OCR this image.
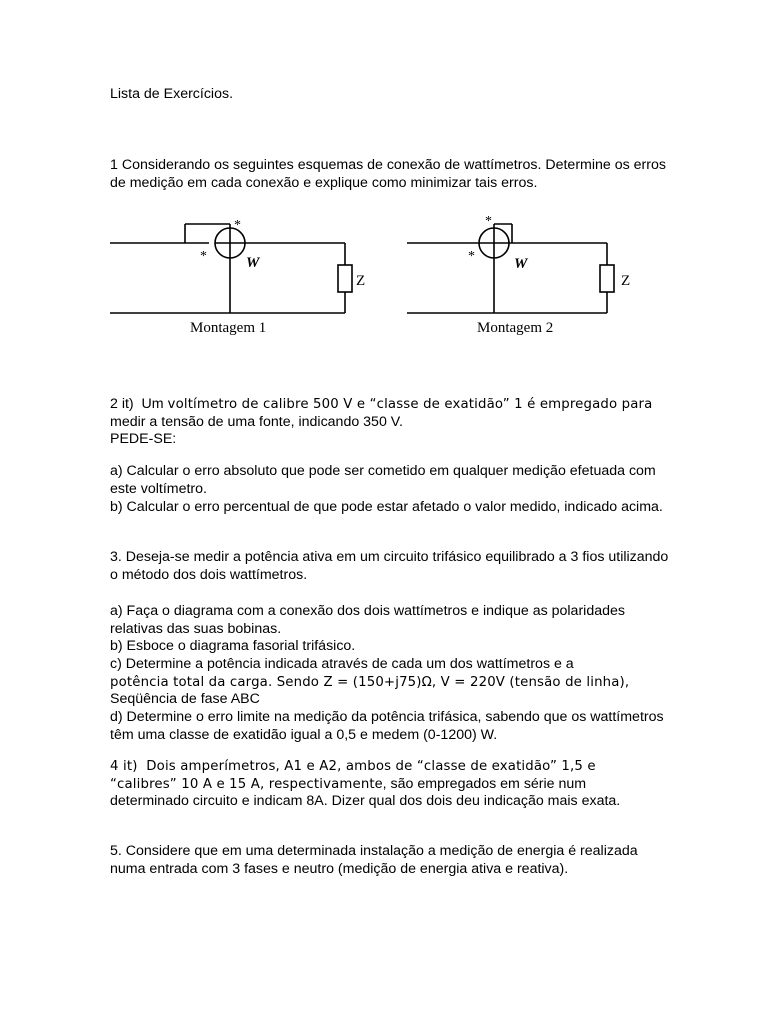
Lista de Exercícios.
1 Considerando os seguintes esquemas de conexão de wattímetros. Determine os erros de medição em cada conexão e explique como minimizar tais erros.
*
*	W
Z
Montagem 1
*
*	W
Z
Montagem 2
2 it)  Um voltímetro de calibre 500 V e “classe de exatidão” 1 é empregado para
medir a tensão de uma fonte, indicando 350 V.
PEDE-SE:
a) Calcular o erro absoluto que pode ser cometido em qualquer medição efetuada com este voltímetro.
b) Calcular o erro percentual de que pode estar afetado o valor medido, indicado acima.
3. Deseja-se medir a potência ativa em um circuito trifásico equilibrado a 3 fios utilizando o método dos dois wattímetros.
a) Faça o diagrama com a conexão dos dois wattímetros e indique as polaridades relativas das suas bobinas.
b) Esboce o diagrama fasorial trifásico.
c) Determine a potência indicada através de cada um dos wattímetros e a
potência total da carga. Sendo Z = (150+j75)Ω, V = 220V (tensão de linha),
Seqüência de fase ABC
d) Determine o erro limite na medição da potência trifásica, sabendo que os wattímetros têm uma classe de exatidão igual a 0,5 e medem (0-1200) W.
4 it)  Dois amperímetros, A1 e A2, ambos de “classe de exatidão” 1,5 e
“calibres” 10 A e 15 A, respectivamente, são empregados em série num
determinado circuito e indicam 8A. Dizer qual dos dois deu indicação mais exata.
5. Considere que em uma determinada instalação a medição de energia é realizada numa entrada com 3 fases e neutro (medição de energia ativa e reativa).
